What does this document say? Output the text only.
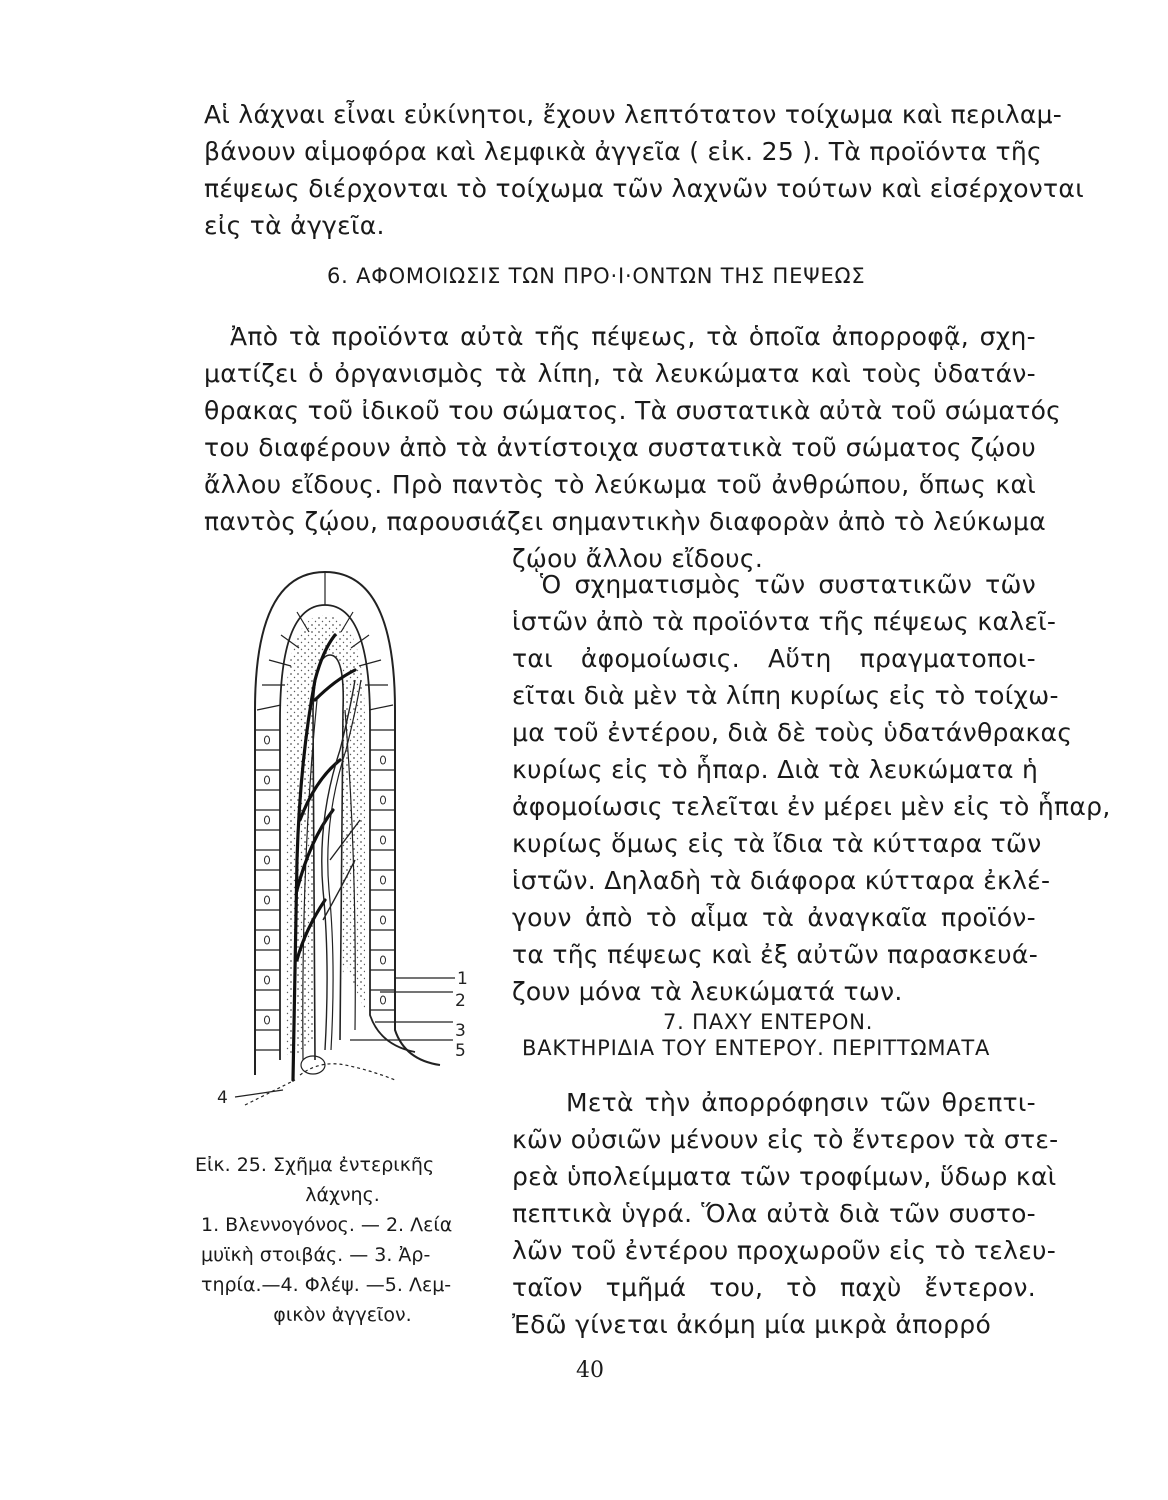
Αἱ λάχναι εἶναι εὐκίνητοι, ἔχουν λεπτότατον τοίχωμα καὶ περιλαμ-
βάνουν αἱμοφόρα καὶ λεμφικὰ ἀγγεῖα ( εἰκ. 25 ). Τὰ προϊόντα τῆς
πέψεως διέρχονται τὸ τοίχωμα τῶν λαχνῶν τούτων καὶ εἰσέρχονται
εἰς τὰ ἀγγεῖα.
6. ΑΦΟΜΟΙΩΣΙΣ ΤΩΝ ΠΡΟ·Ι·ΟΝΤΩΝ ΤΗΣ ΠΕΨΕΩΣ
Ἀπὸ τὰ προϊόντα αὐτὰ τῆς πέψεως, τὰ ὁποῖα ἀπορροφᾷ, σχη-
ματίζει ὁ ὀργανισμὸς τὰ λίπη, τὰ λευκώματα καὶ τοὺς ὑδατάν-
θρακας τοῦ ἰδικοῦ του σώματος. Τὰ συστατικὰ αὐτὰ τοῦ σώματός
του διαφέρουν ἀπὸ τὰ ἀντίστοιχα συστατικὰ τοῦ σώματος ζῴου
ἄλλου εἴδους. Πρὸ παντὸς τὸ λεύκωμα τοῦ ἀνθρώπου, ὅπως καὶ
παντὸς ζῴου, παρουσιάζει σημαντικὴν διαφορὰν ἀπὸ τὸ λεύκωμα
ζῴου ἄλλου εἴδους.
Ὁ σχηματισμὸς τῶν συστατικῶν τῶν
ἱστῶν ἀπὸ τὰ προϊόντα τῆς πέψεως καλεῖ-
ται ἀφομοίωσις. Αὕτη πραγματοποι-
εῖται διὰ μὲν τὰ λίπη κυρίως εἰς τὸ τοίχω-
μα τοῦ ἐντέρου, διὰ δὲ τοὺς ὑδατάνθρακας
κυρίως εἰς τὸ ἧπαρ. Διὰ τὰ λευκώματα ἡ
ἀφομοίωσις τελεῖται ἐν μέρει μὲν εἰς τὸ ἧπαρ,
κυρίως ὅμως εἰς τὰ ἴδια τὰ κύτταρα τῶν
ἱστῶν. Δηλαδὴ τὰ διάφορα κύτταρα ἐκλέ-
γουν ἀπὸ τὸ αἷμα τὰ ἀναγκαῖα προϊόν-
τα τῆς πέψεως καὶ ἐξ αὐτῶν παρασκευά-
ζουν μόνα τὰ λευκώματά των.
7. ΠΑΧΥ ΕΝΤΕΡΟΝ.
ΒΑΚΤΗΡΙΔΙΑ ΤΟΥ ΕΝΤΕΡΟΥ. ΠΕΡΙΤΤΩΜΑΤΑ
Μετὰ τὴν ἀπορρόφησιν τῶν θρεπτι-
κῶν οὐσιῶν μένουν εἰς τὸ ἔντερον τὰ στε-
ρεὰ ὑπολείμματα τῶν τροφίμων, ὕδωρ καὶ
πεπτικὰ ὑγρά. Ὅλα αὐτὰ διὰ τῶν συστο-
λῶν τοῦ ἐντέρου προχωροῦν εἰς τὸ τελευ-
ταῖον τμῆμά του, τὸ παχὺ ἔντερον.
Ἐδῶ γίνεται ἀκόμη μία μικρὰ ἀπορρό
1
2
3
5
4
Εἰκ. 25. Σχῆμα ἐντερικῆς
λάχνης.
1. Βλεννογόνος. — 2. Λεία
μυϊκὴ στοιβάς. — 3. Ἀρ-
τηρία.—4. Φλέψ. —5. Λεμ-
φικὸν ἀγγεῖον.
40
